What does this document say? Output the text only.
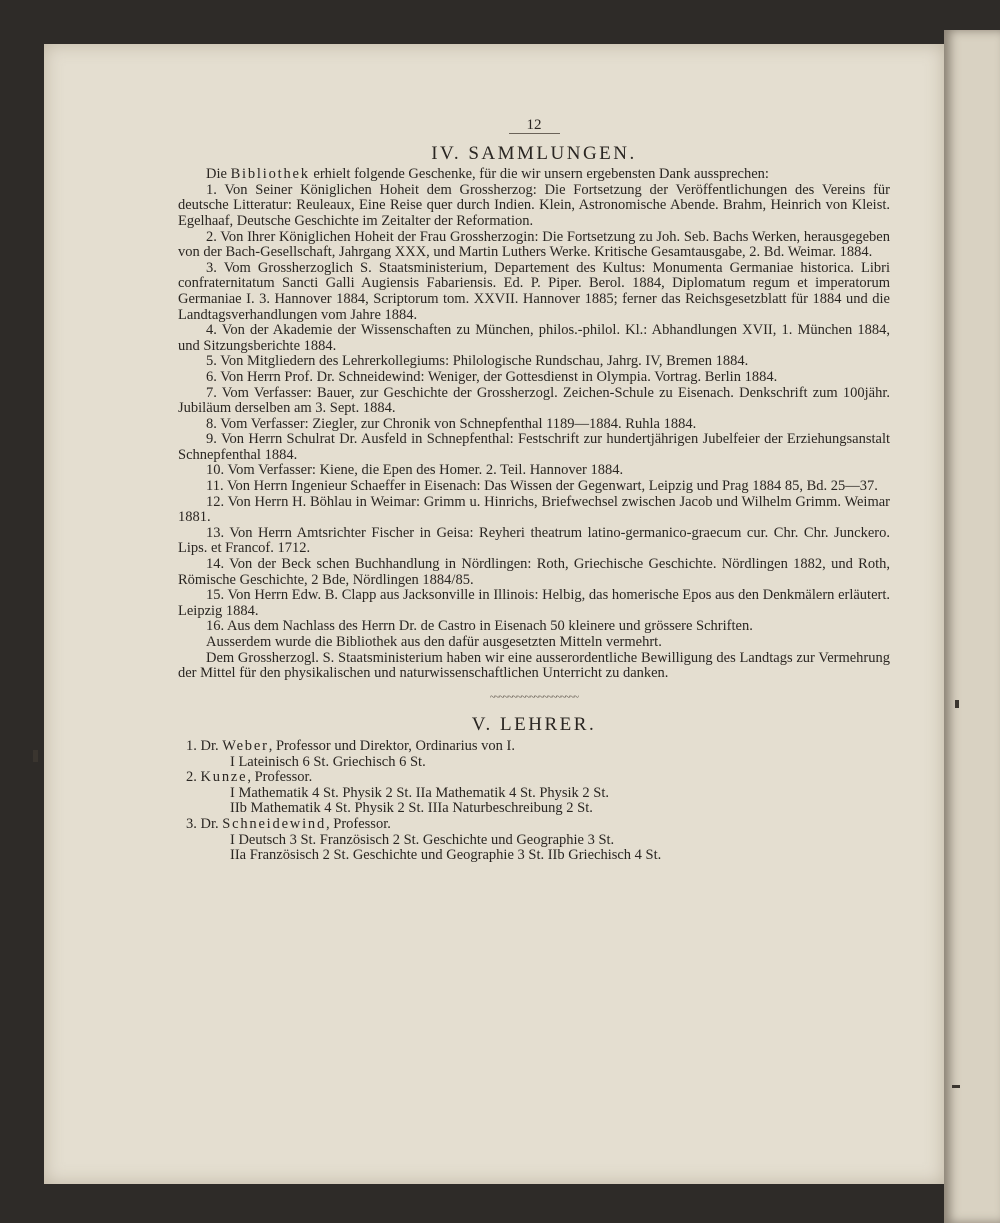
12
IV. SAMMLUNGEN.

Die Bibliothek erhielt folgende Geschenke, für die wir unsern ergebensten Dank aussprechen:

1. Von Seiner Königlichen Hoheit dem Grossherzog: Die Fortsetzung der Veröffentlichungen des Vereins für deutsche Litteratur: Reuleaux, Eine Reise quer durch Indien. Klein, Astronomische Abende. Brahm, Heinrich von Kleist. Egelhaaf, Deutsche Geschichte im Zeitalter der Reformation.

2. Von Ihrer Königlichen Hoheit der Frau Grossherzogin: Die Fortsetzung zu Joh. Seb. Bachs Werken, herausgegeben von der Bach-Gesellschaft, Jahrgang XXX, und Martin Luthers Werke. Kritische Gesamtausgabe, 2. Bd. Weimar. 1884.

3. Vom Grossherzoglich S. Staatsministerium, Departement des Kultus: Monumenta Germaniae historica. Libri confraternitatum Sancti Galli Augiensis Fabariensis. Ed. P. Piper. Berol. 1884, Diplomatum regum et imperatorum Germaniae I. 3. Hannover 1884, Scriptorum tom. XXVII. Hannover 1885; ferner das Reichsgesetzblatt für 1884 und die Landtagsverhandlungen vom Jahre 1884.

4. Von der Akademie der Wissenschaften zu München, philos.-philol. Kl.: Abhandlungen XVII, 1. München 1884, und Sitzungsberichte 1884.

5. Von Mitgliedern des Lehrerkollegiums: Philologische Rundschau, Jahrg. IV, Bremen 1884.

6. Von Herrn Prof. Dr. Schneidewind: Weniger, der Gottesdienst in Olympia. Vortrag. Berlin 1884.

7. Vom Verfasser: Bauer, zur Geschichte der Grossherzogl. Zeichen-Schule zu Eisenach. Denkschrift zum 100jähr. Jubiläum derselben am 3. Sept. 1884.

8. Vom Verfasser: Ziegler, zur Chronik von Schnepfenthal 1189—1884. Ruhla 1884.

9. Von Herrn Schulrat Dr. Ausfeld in Schnepfenthal: Festschrift zur hundertjährigen Jubelfeier der Erziehungsanstalt Schnepfenthal 1884.

10. Vom Verfasser: Kiene, die Epen des Homer. 2. Teil. Hannover 1884.

11. Von Herrn Ingenieur Schaeffer in Eisenach: Das Wissen der Gegenwart, Leipzig und Prag 1884 85, Bd. 25—37.

12. Von Herrn H. Böhlau in Weimar: Grimm u. Hinrichs, Briefwechsel zwischen Jacob und Wilhelm Grimm. Weimar 1881.

13. Von Herrn Amtsrichter Fischer in Geisa: Reyheri theatrum latino-germanico-graecum cur. Chr. Chr. Junckero. Lips. et Francof. 1712.

14. Von der Beck schen Buchhandlung in Nördlingen: Roth, Griechische Geschichte. Nördlingen 1882, und Roth, Römische Geschichte, 2 Bde, Nördlingen 1884/85.

15. Von Herrn Edw. B. Clapp aus Jacksonville in Illinois: Helbig, das homerische Epos aus den Denkmälern erläutert. Leipzig 1884.

16. Aus dem Nachlass des Herrn Dr. de Castro in Eisenach 50 kleinere und grössere Schriften.

Ausserdem wurde die Bibliothek aus den dafür ausgesetzten Mitteln vermehrt.

Dem Grossherzogl. S. Staatsministerium haben wir eine ausserordentliche Bewilligung des Landtags zur Vermehrung der Mittel für den physikalischen und naturwissenschaftlichen Unterricht zu danken.

~~~~~~~~~~~~~~~~~~~~
V. LEHRER.
1. Dr. Weber, Professor und Direktor, Ordinarius von I.
I Lateinisch 6 St. Griechisch 6 St.
2. Kunze, Professor.
I Mathematik 4 St. Physik 2 St. IIa Mathematik 4 St. Physik 2 St.
IIb Mathematik 4 St. Physik 2 St. IIIa Naturbeschreibung 2 St.
3. Dr. Schneidewind, Professor.
I Deutsch 3 St. Französisch 2 St. Geschichte und Geographie 3 St.
IIa Französisch 2 St. Geschichte und Geographie 3 St. IIb Griechisch 4 St.
